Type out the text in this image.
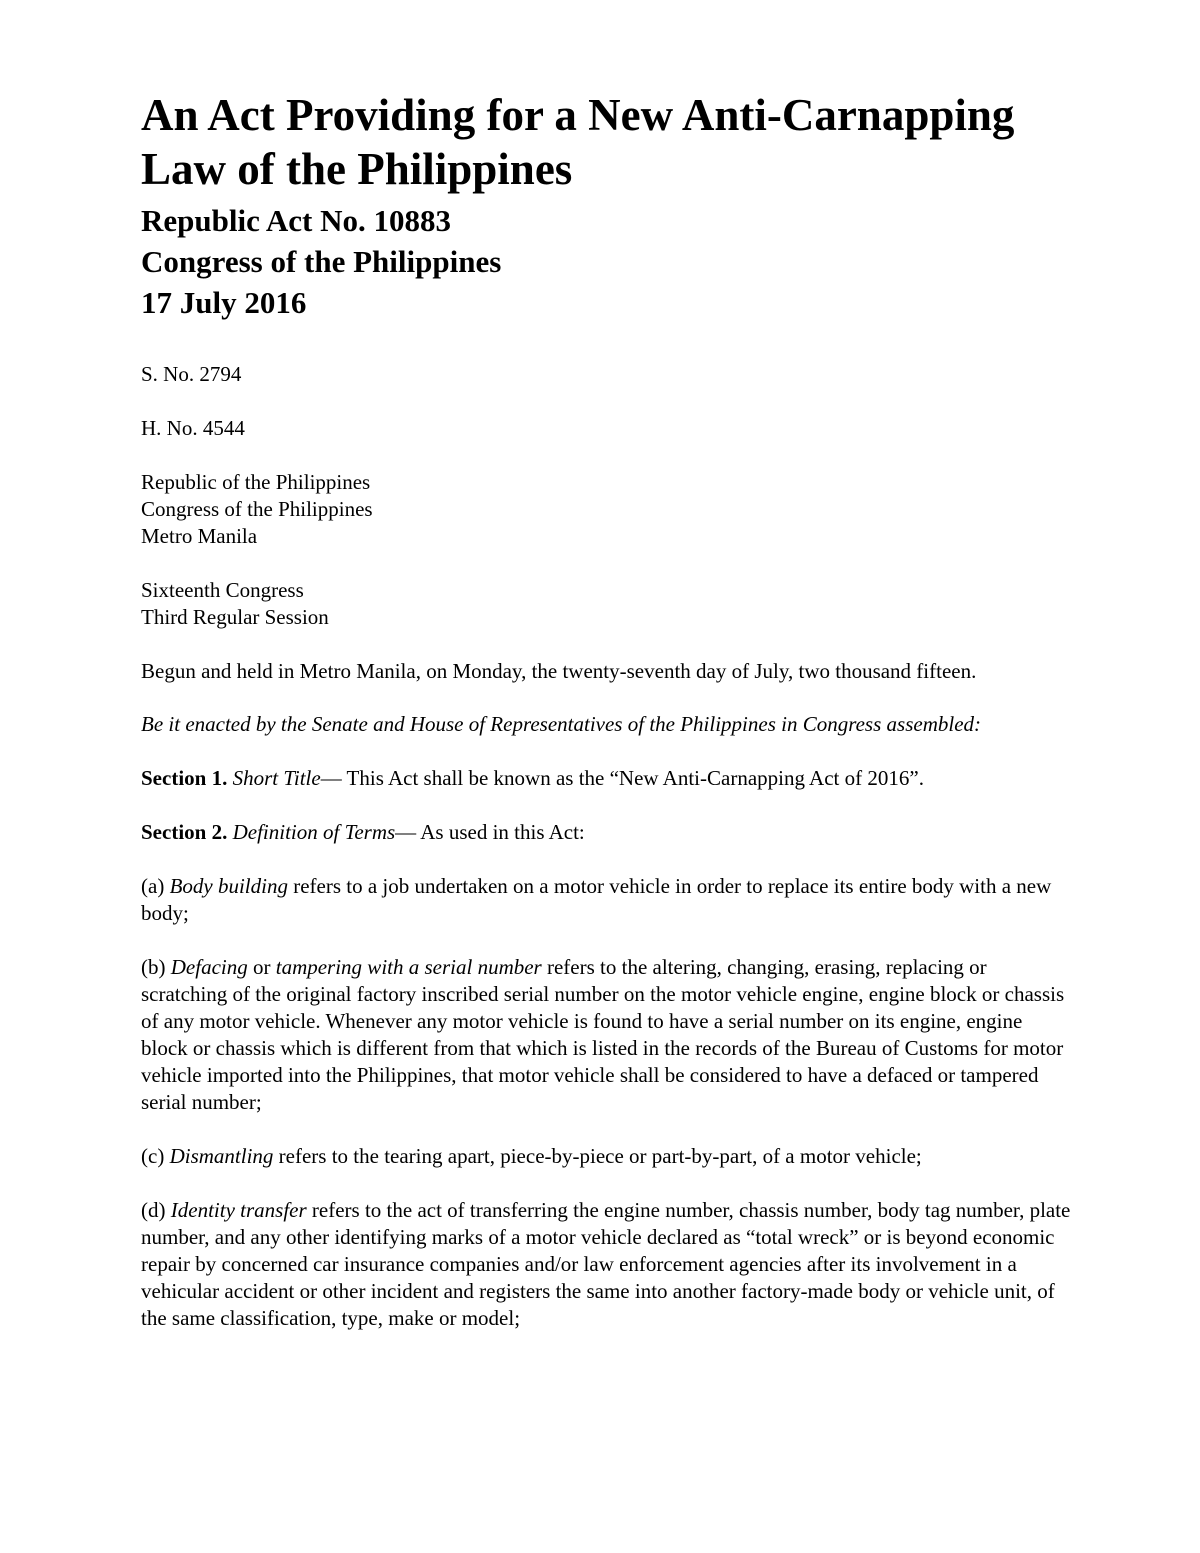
An Act Providing for a New Anti-Carnapping Law of the Philippines
Republic Act No. 10883
Congress of the Philippines
17 July 2016

S. No. 2794

H. No. 4544

Republic of the Philippines

Congress of the Philippines

Metro Manila

Sixteenth Congress

Third Regular Session

Begun and held in Metro Manila, on Monday, the twenty-seventh day of July, two thousand fifteen.

Be it enacted by the Senate and House of Representatives of the Philippines in Congress assembled:

Section 1. Short Title— This Act shall be known as the “New Anti-Carnapping Act of 2016”.

Section 2. Definition of Terms— As used in this Act:

(a) Body building refers to a job undertaken on a motor vehicle in order to replace its entire body with a new body;

(b) Defacing or tampering with a serial number refers to the altering, changing, erasing, replacing or scratching of the original factory inscribed serial number on the motor vehicle engine, engine block or chassis of any motor vehicle. Whenever any motor vehicle is found to have a serial number on its engine, engine block or chassis which is different from that which is listed in the records of the Bureau of Customs for motor vehicle imported into the Philippines, that motor vehicle shall be considered to have a defaced or tampered serial number;

(c) Dismantling refers to the tearing apart, piece-by-piece or part-by-part, of a motor vehicle;

(d) Identity transfer refers to the act of transferring the engine number, chassis number, body tag number, plate number, and any other identifying marks of a motor vehicle declared as “total wreck” or is beyond economic repair by concerned car insurance companies and/or law enforcement agencies after its involvement in a vehicular accident or other incident and registers the same into another factory-made body or vehicle unit, of the same classification, type, make or model;
